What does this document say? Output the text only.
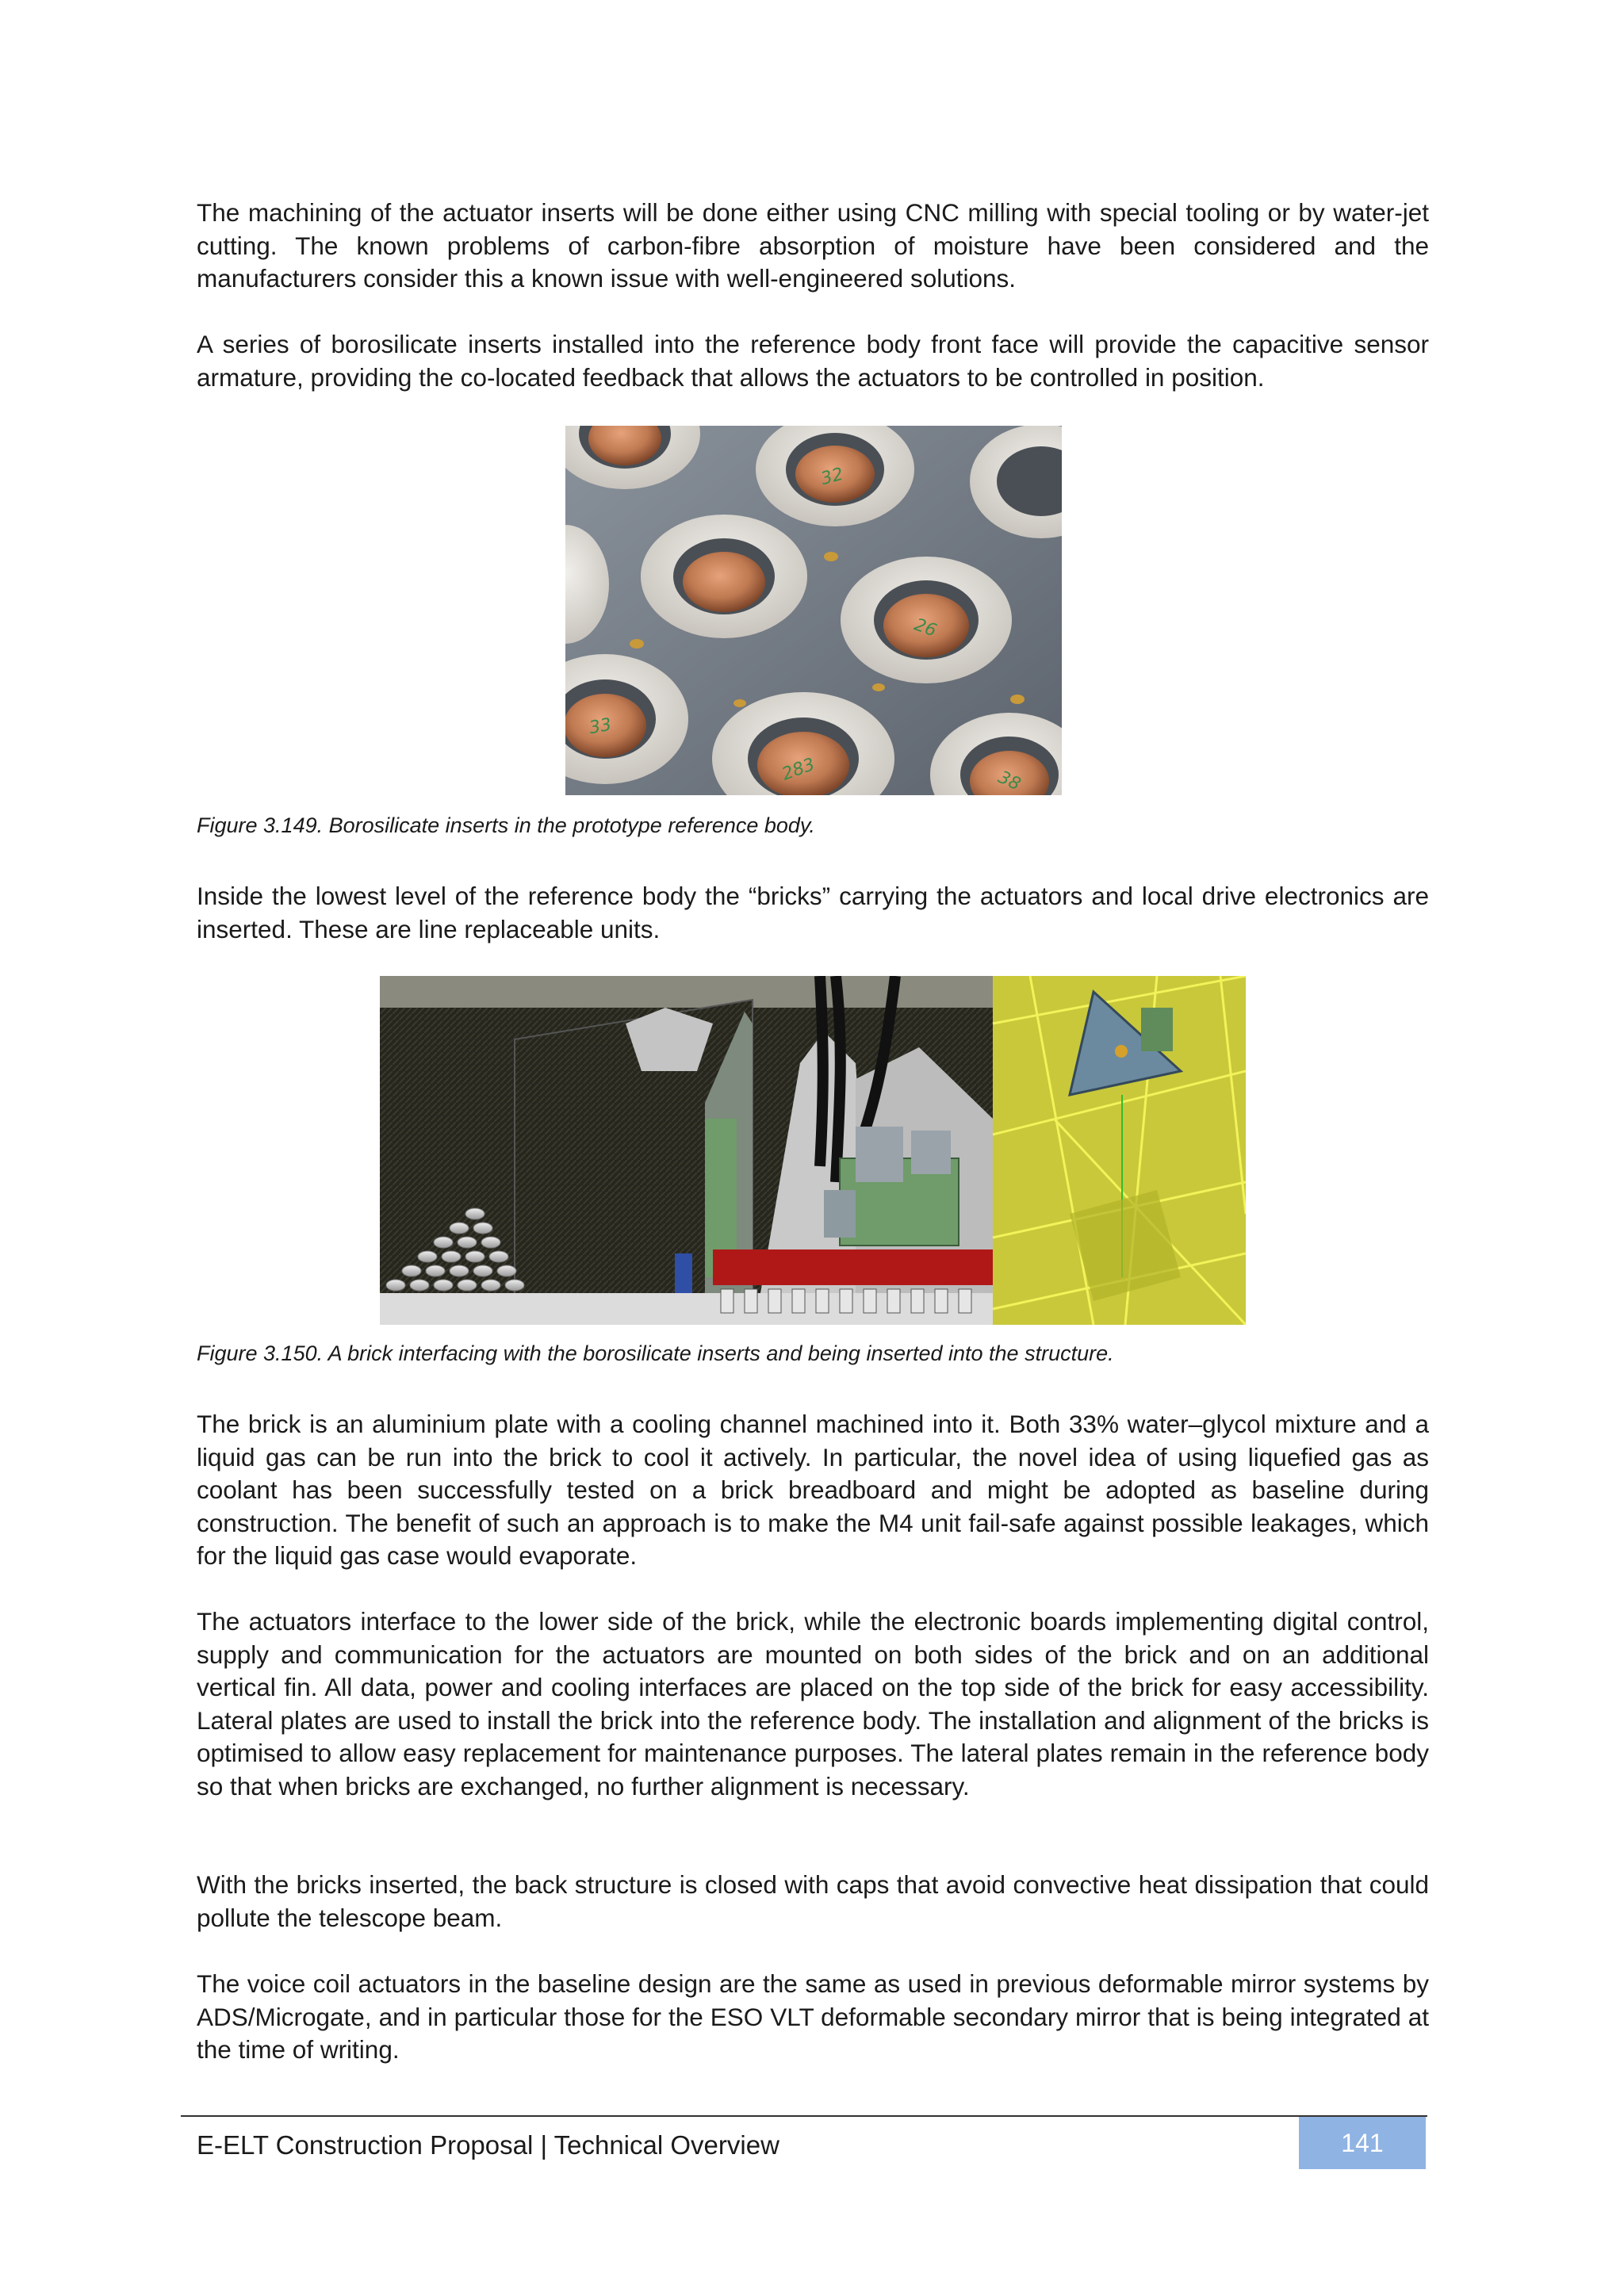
The machining of the actuator inserts will be done either using CNC milling with special tooling or by water-jet cutting. The known problems of carbon-fibre absorption of moisture have been considered and the manufacturers consider this a known issue with well-engineered solutions.

A series of borosilicate inserts installed into the reference body front face will provide the capacitive sensor armature, providing the co-located feedback that allows the actuators to be controlled in position.

32
26
33
283	38

Figure 3.149. Borosilicate inserts in the prototype reference body.

Inside the lowest level of the reference body the “bricks” carrying the actuators and local drive electronics are inserted. These are line replaceable units.

Figure 3.150. A brick interfacing with the borosilicate inserts and being inserted into the structure.

The brick is an aluminium plate with a cooling channel machined into it. Both 33% water–glycol mixture and a liquid gas can be run into the brick to cool it actively. In particular, the novel idea of using liquefied gas as coolant has been successfully tested on a brick breadboard and might be adopted as baseline during construction. The benefit of such an approach is to make the M4 unit fail-safe against possible leakages, which for the liquid gas case would evaporate.

The actuators interface to the lower side of the brick, while the electronic boards implementing digital control, supply and communication for the actuators are mounted on both sides of the brick and on an additional vertical fin. All data, power and cooling interfaces are placed on the top side of the brick for easy accessibility. Lateral plates are used to install the brick into the reference body. The installation and alignment of the bricks is optimised to allow easy replacement for maintenance purposes. The lateral plates remain in the reference body so that when bricks are exchanged, no further alignment is necessary.

With the bricks inserted, the back structure is closed with caps that avoid convective heat dissipation that could pollute the telescope beam.

The voice coil actuators in the baseline design are the same as used in previous deformable mirror systems by ADS/Microgate, and in particular those for the ESO VLT deformable secondary mirror that is being integrated at the time of writing.

E-ELT Construction Proposal | Technical Overview	141
